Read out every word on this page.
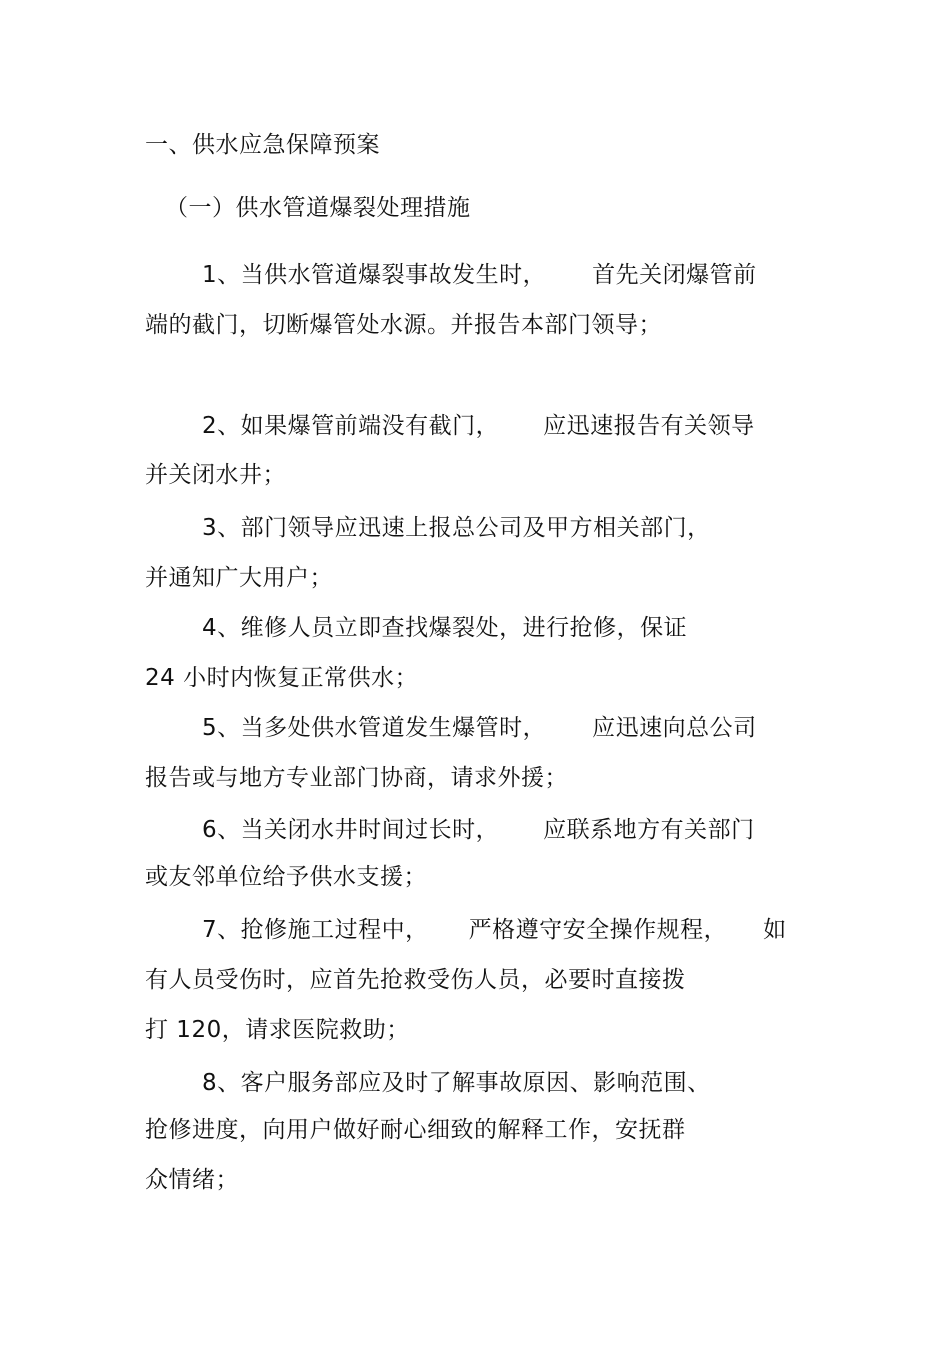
一、供水应急保障预案
（一）供水管道爆裂处理措施
1、当供水管道爆裂事故发生时， 首先关闭爆管前
端的截门，切断爆管处水源。并报告本部门领导；
2、如果爆管前端没有截门， 应迅速报告有关领导
并关闭水井；
3、部门领导应迅速上报总公司及甲方相关部门，
并通知广大用户；
4、维修人员立即查找爆裂处，进行抢修，保证
24 小时内恢复正常供水；
5、当多处供水管道发生爆管时， 应迅速向总公司
报告或与地方专业部门协商，请求外援；
6、当关闭水井时间过长时， 应联系地方有关部门
或友邻单位给予供水支援；
7、抢修施工过程中， 严格遵守安全操作规程， 如
有人员受伤时，应首先抢救受伤人员，必要时直接拨
打 120，请求医院救助；
8、客户服务部应及时了解事故原因、影响范围、
抢修进度，向用户做好耐心细致的解释工作，安抚群
众情绪；
